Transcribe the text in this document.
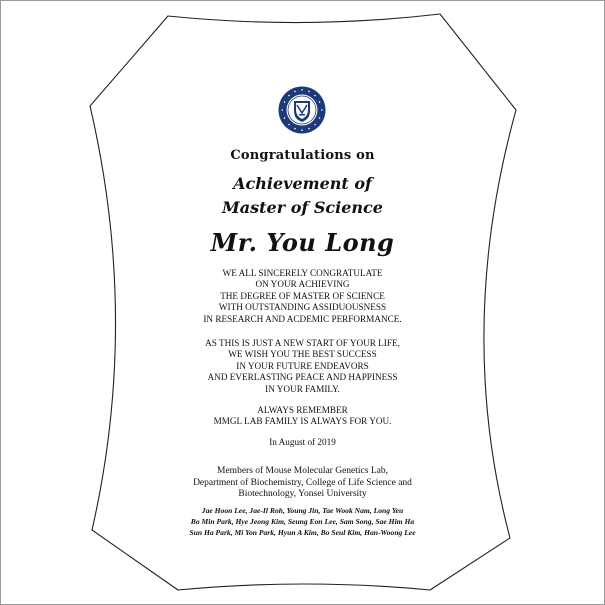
Congratulations on
Achievement of
Master of Science
Mr. You Long
WE ALL SINCERELY CONGRATULATE
ON YOUR ACHIEVING
THE DEGREE OF MASTER OF SCIENCE
WITH OUTSTANDING ASSIDUOUSNESS
IN RESEARCH AND ACDEMIC PERFORMANCE.
AS THIS IS JUST A NEW START OF YOUR LIFE,
WE WISH YOU THE BEST SUCCESS
IN YOUR FUTURE ENDEAVORS
AND EVERLASTING PEACE AND HAPPINESS
IN YOUR FAMILY.
ALWAYS REMEMBER
MMGL LAB FAMILY IS ALWAYS FOR YOU.
In August of 2019
Members of Mouse Molecular Genetics Lab,
Department of Biochemistry, College of Life Science and
Biotechnology, Yonsei University
Jae Hoon Lee, Jae-Il Roh, Young Jin, Tae Wook Nam, Long Yeu
Bo Min Park, Hye Jeong Kim, Seung Eon Lee, Sam Song, Sae Him Ha
Sun Ha Park, Mi Yon Park, Hyun A Kim, Bo Seul Kim, Han-Woong Lee
